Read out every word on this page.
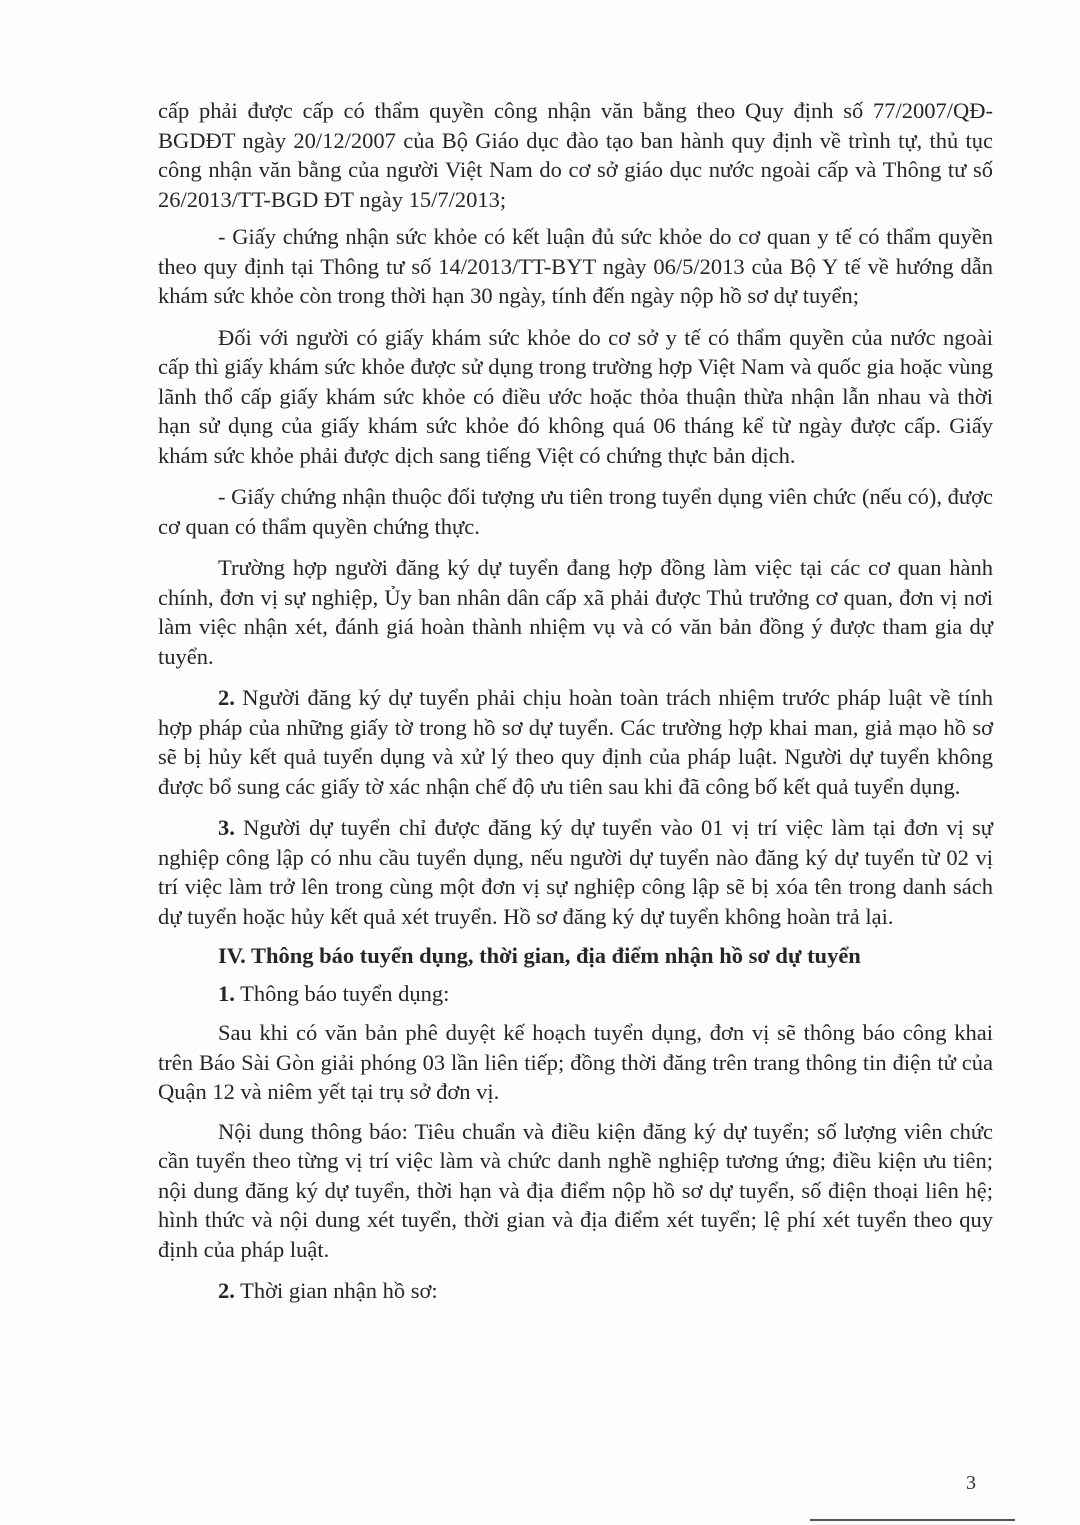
cấp phải được cấp có thẩm quyền công nhận văn bằng theo Quy định số 77/2007/QĐ-BGDĐT ngày 20/12/2007 của Bộ Giáo dục đào tạo ban hành quy định về trình tự, thủ tục công nhận văn bằng của người Việt Nam do cơ sở giáo dục nước ngoài cấp và Thông tư số 26/2013/TT-BGD ĐT ngày 15/7/2013;

- Giấy chứng nhận sức khỏe có kết luận đủ sức khỏe do cơ quan y tế có thẩm quyền theo quy định tại Thông tư số 14/2013/TT-BYT ngày 06/5/2013 của Bộ Y tế về hướng dẫn khám sức khỏe còn trong thời hạn 30 ngày, tính đến ngày nộp hồ sơ dự tuyển;

Đối với người có giấy khám sức khỏe do cơ sở y tế có thẩm quyền của nước ngoài cấp thì giấy khám sức khỏe được sử dụng trong trường hợp Việt Nam và quốc gia hoặc vùng lãnh thổ cấp giấy khám sức khỏe có điều ước hoặc thỏa thuận thừa nhận lẫn nhau và thời hạn sử dụng của giấy khám sức khỏe đó không quá 06 tháng kể từ ngày được cấp. Giấy khám sức khỏe phải được dịch sang tiếng Việt có chứng thực bản dịch.

- Giấy chứng nhận thuộc đối tượng ưu tiên trong tuyển dụng viên chức (nếu có), được cơ quan có thẩm quyền chứng thực.

Trường hợp người đăng ký dự tuyển đang hợp đồng làm việc tại các cơ quan hành chính, đơn vị sự nghiệp, Ủy ban nhân dân cấp xã phải được Thủ trưởng cơ quan, đơn vị nơi làm việc nhận xét, đánh giá hoàn thành nhiệm vụ và có văn bản đồng ý được tham gia dự tuyển.

2. Người đăng ký dự tuyển phải chịu hoàn toàn trách nhiệm trước pháp luật về tính hợp pháp của những giấy tờ trong hồ sơ dự tuyển. Các trường hợp khai man, giả mạo hồ sơ sẽ bị hủy kết quả tuyển dụng và xử lý theo quy định của pháp luật. Người dự tuyển không được bổ sung các giấy tờ xác nhận chế độ ưu tiên sau khi đã công bố kết quả tuyển dụng.

3. Người dự tuyển chỉ được đăng ký dự tuyển vào 01 vị trí việc làm tại đơn vị sự nghiệp công lập có nhu cầu tuyển dụng, nếu người dự tuyển nào đăng ký dự tuyển từ 02 vị trí việc làm trở lên trong cùng một đơn vị sự nghiệp công lập sẽ bị xóa tên trong danh sách dự tuyển hoặc hủy kết quả xét truyển. Hồ sơ đăng ký dự tuyển không hoàn trả lại.

IV. Thông báo tuyển dụng, thời gian, địa điểm nhận hồ sơ dự tuyển

1. Thông báo tuyển dụng:

Sau khi có văn bản phê duyệt kế hoạch tuyển dụng, đơn vị sẽ thông báo công khai trên Báo Sài Gòn giải phóng 03 lần liên tiếp; đồng thời đăng trên trang thông tin điện tử của Quận 12 và niêm yết tại trụ sở đơn vị.

Nội dung thông báo: Tiêu chuẩn và điều kiện đăng ký dự tuyển; số lượng viên chức cần tuyển theo từng vị trí việc làm và chức danh nghề nghiệp tương ứng; điều kiện ưu tiên; nội dung đăng ký dự tuyển, thời hạn và địa điểm nộp hồ sơ dự tuyển, số điện thoại liên hệ; hình thức và nội dung xét tuyển, thời gian và địa điểm xét tuyển; lệ phí xét tuyển theo quy định của pháp luật.

2. Thời gian nhận hồ sơ:

3
